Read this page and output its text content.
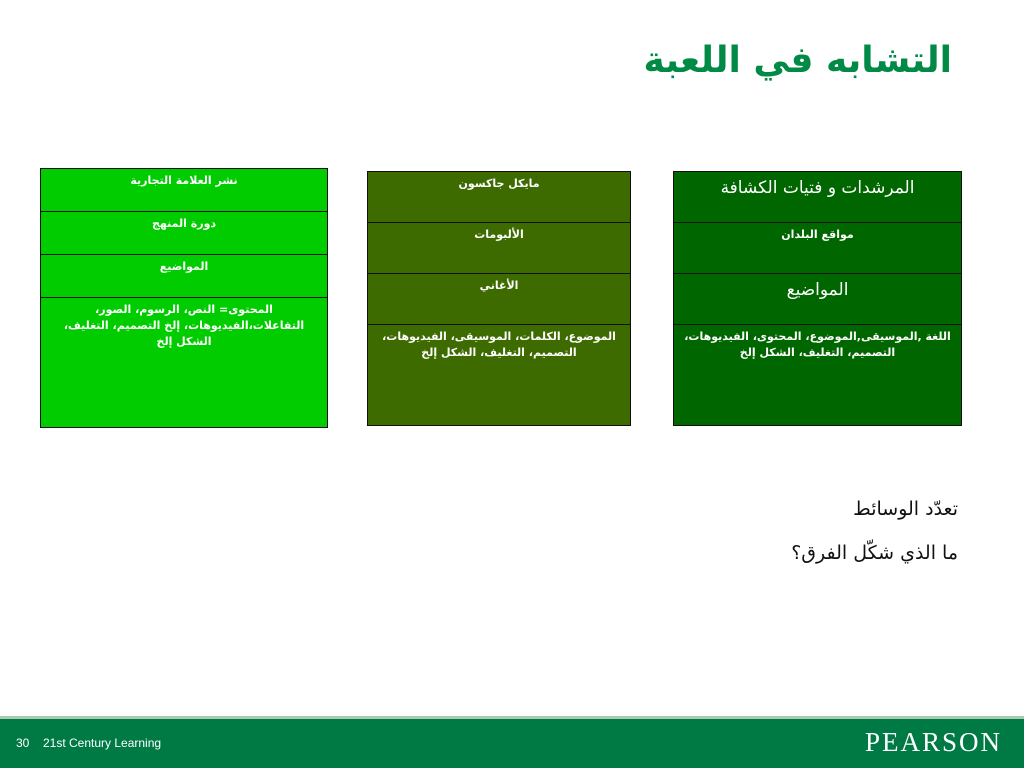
التشابه في اللعبة
نشر العلامة التجارية
دورة المنهج
المواضيع
المحتوى= النص، الرسوم، الصور، التفاعلات،الفيديوهات، إلخ التصميم، التغليف، الشكل إلخ
مايكل جاكسون
الألبومات
الأغاني
الموضوع، الكلمات، الموسيقى، الفيديوهات، التصميم، التغليف، الشكل إلخ
المرشدات و فتيات الكشافة
مواقع البلدان
المواضيع
اللغة ,الموسيقى,الموضوع، المحتوى، الفيديوهات، التصميم، التغليف، الشكل إلخ
تعدّد الوسائط
ما الذي شكّل الفرق؟
30 21st Century Learning	PEARSON
